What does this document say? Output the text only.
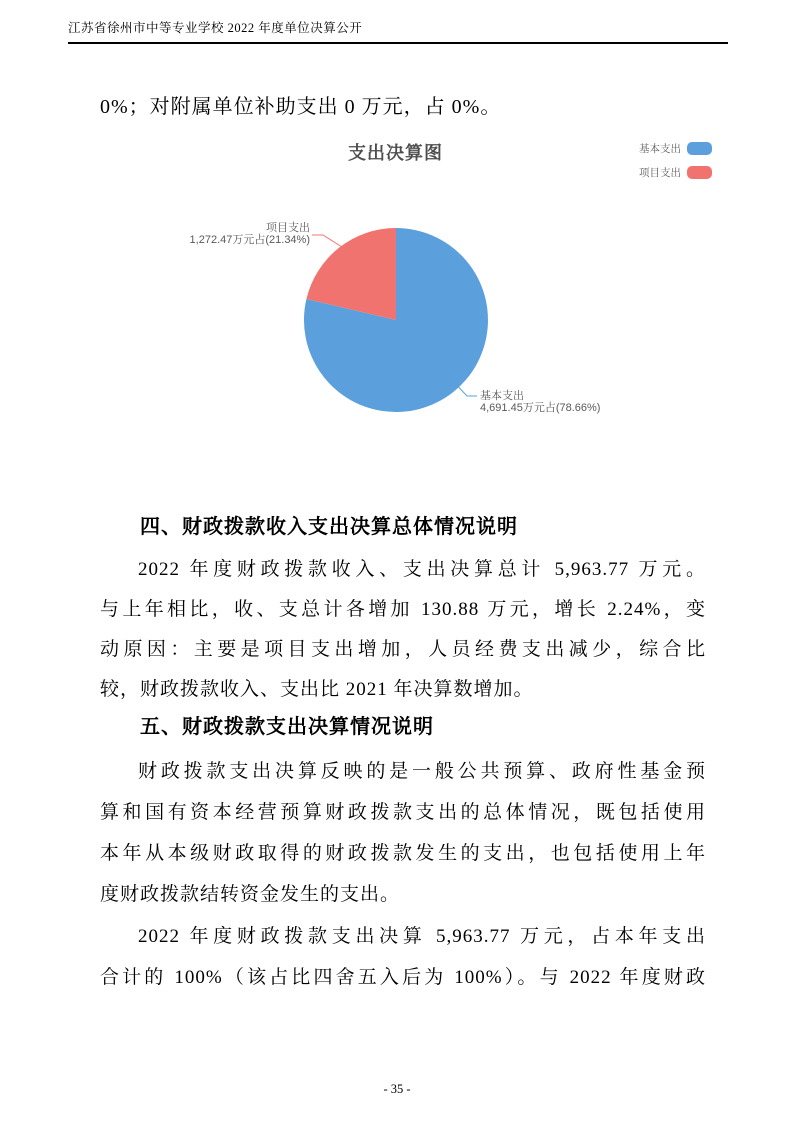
江苏省徐州市中等专业学校 2022 年度单位决算公开
0%；对附属单位补助支出 0 万元，占 0%。
支出决算图	基本支出
项目支出
项目支出
1,272.47万元占(21.34%)
基本支出
4,691.45万元占(78.66%)
四、财政拨款收入支出决算总体情况说明
2022 年度财政拨款收入、支出决算总计 5,963.77 万元。
与上年相比，收、支总计各增加 130.88 万元，增长 2.24%，变
动原因：主要是项目支出增加，人员经费支出减少，综合比
较，财政拨款收入、支出比 2021 年决算数增加。
五、财政拨款支出决算情况说明
财政拨款支出决算反映的是一般公共预算、政府性基金预
算和国有资本经营预算财政拨款支出的总体情况，既包括使用
本年从本级财政取得的财政拨款发生的支出，也包括使用上年
度财政拨款结转资金发生的支出。
2022 年度财政拨款支出决算 5,963.77 万元，占本年支出
合计的 100%（该占比四舍五入后为 100%）。与 2022 年度财政
- 35 -
